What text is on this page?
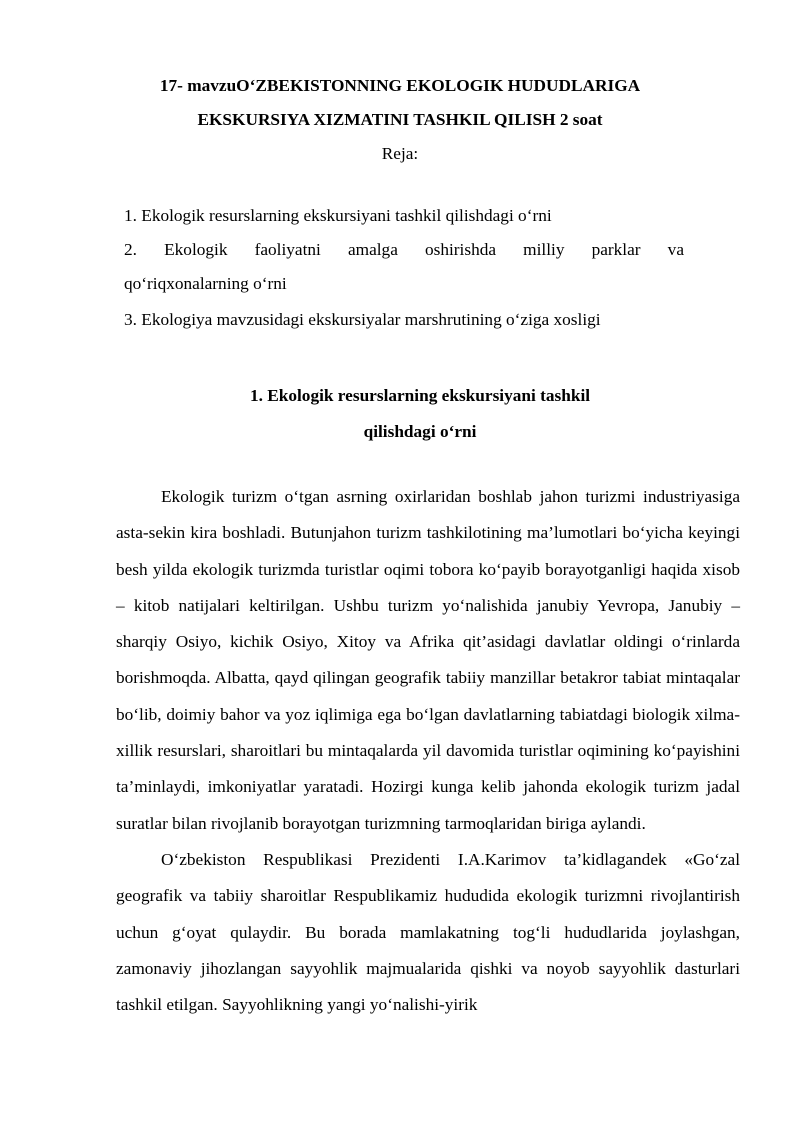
17- mavzuO‘ZBEKISTONNING EKOLOGIK HUDUDLARIGA
EKSKURSIYA XIZMATINI TASHKIL QILISH 2 soat
Reja:
1. Ekologik resurslarning ekskursiyani tashkil qilishdagi o‘rni
2. Ekologik faoliyatni amalga oshirishda milliy parklar va
qo‘riqxonalarning o‘rni
3. Ekologiya mavzusidagi ekskursiyalar marshrutining o‘ziga xosligi
1. Ekologik resurslarning ekskursiyani tashkil
qilishdagi o‘rni

Ekologik turizm o‘tgan asrning oxirlaridan boshlab jahon turizmi industriyasiga asta-sekin kira boshladi. Butunjahon turizm tashkilotining ma’lumotlari bo‘yicha keyingi besh yilda ekologik turizmda turistlar oqimi tobora ko‘payib borayotganligi haqida xisob – kitob natijalari keltirilgan. Ushbu turizm yo‘nalishida janubiy Yevropa, Janubiy – sharqiy Osiyo, kichik Osiyo, Xitoy va Afrika qit’asidagi davlatlar oldingi o‘rinlarda borishmoqda. Albatta, qayd qilingan geografik tabiiy manzillar betakror tabiat mintaqalar bo‘lib, doimiy bahor va yoz iqlimiga ega bo‘lgan davlatlarning tabiatdagi biologik xilma-xillik resurslari, sharoitlari bu mintaqalarda yil davomida turistlar oqimining ko‘payishini ta’minlaydi, imkoniyatlar yaratadi. Hozirgi kunga kelib jahonda ekologik turizm jadal suratlar bilan rivojlanib borayotgan turizmning tarmoqlaridan biriga aylandi.

O‘zbekiston Respublikasi Prezidenti I.A.Karimov ta’kidlagandek «Go‘zal geografik va tabiiy sharoitlar Respublikamiz hududida ekologik turizmni rivojlantirish uchun g‘oyat qulaydir. Bu borada mamlakatning tog‘li hududlarida joylashgan, zamonaviy jihozlangan sayyohlik majmualarida qishki va noyob sayyohlik dasturlari tashkil etilgan. Sayyohlikning yangi yo‘nalishi-yirik
